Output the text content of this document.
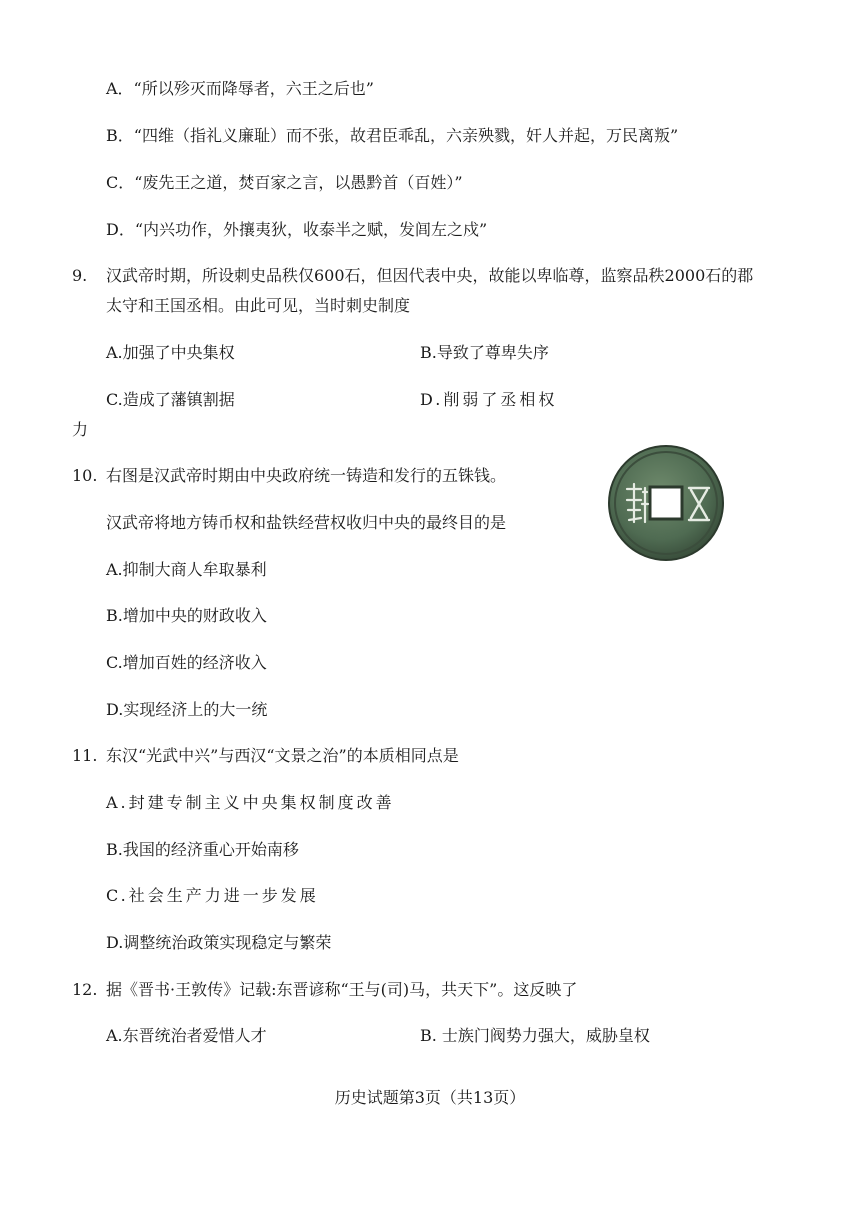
A．“所以殄灭而降辱者，六王之后也”
B．“四维（指礼义廉耻）而不张，故君臣乖乱，六亲殃戮，奸人并起，万民离叛”
C．“废先王之道，焚百家之言，以愚黔首（百姓）”
D．“内兴功作，外攘夷狄，收泰半之赋，发闾左之戍”
9. 汉武帝时期，所设刺史品秩仅600石，但因代表中央，故能以卑临尊，监察品秩2000石的郡
太守和王国丞相。由此可见，当时刺史制度
A.加强了中央集权	B.导致了尊卑失序
C.造成了藩镇割据	D.削弱了丞相权
力
10. 右图是汉武帝时期由中央政府统一铸造和发行的五铢钱。
汉武帝将地方铸币权和盐铁经营权收归中央的最终目的是
A.抑制大商人牟取暴利
B.增加中央的财政收入
C.增加百姓的经济收入
D.实现经济上的大一统
11. 东汉“光武中兴”与西汉“文景之治”的本质相同点是
A.封建专制主义中央集权制度改善
B.我国的经济重心开始南移
C.社会生产力进一步发展
D.调整统治政策实现稳定与繁荣
12. 据《晋书·王敦传》记载:东晋谚称“王与(司)马，共天下”。这反映了
A.东晋统治者爱惜人才	B. 士族门阀势力强大，威胁皇权
历史试题第3页（共13页）
